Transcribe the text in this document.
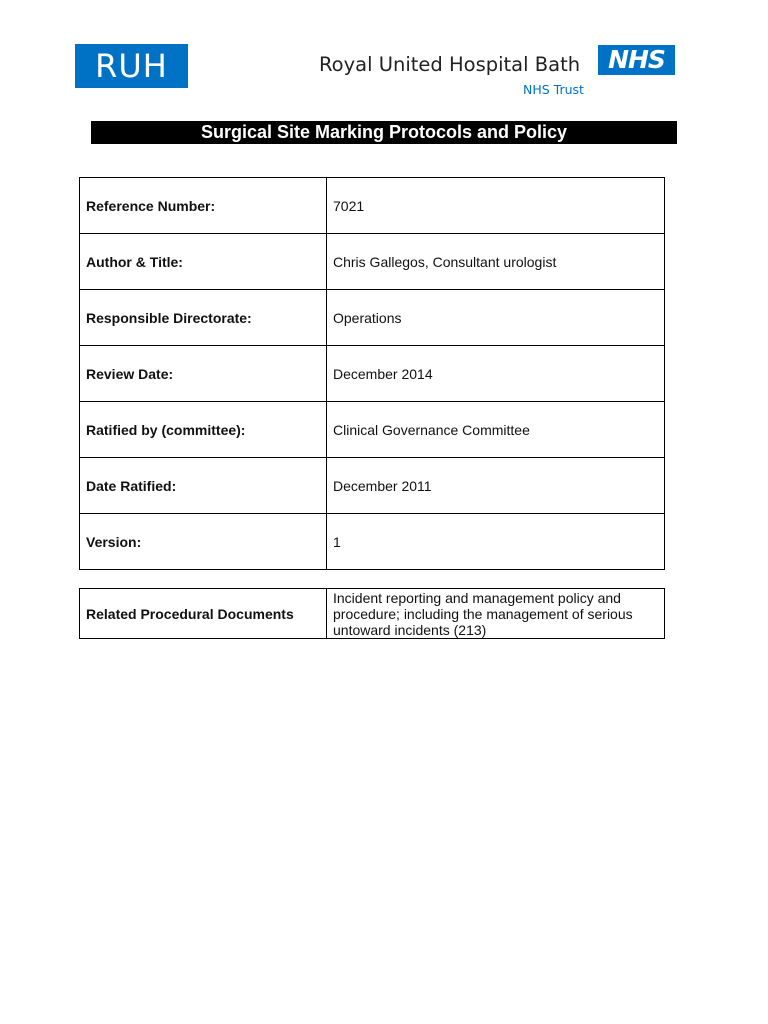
RUH	Royal United Hospital Bath	NHS
NHS Trust
Surgical Site Marking Protocols and Policy
Reference Number:	7021
Author & Title:	Chris Gallegos, Consultant urologist
Responsible Directorate:	Operations
Review Date:	December 2014
Ratified by (committee):	Clinical Governance Committee
Date Ratified:	December 2011
Version:	1
Related Procedural Documents	Incident reporting and management policy and procedure; including the management of serious untoward incidents (213)
